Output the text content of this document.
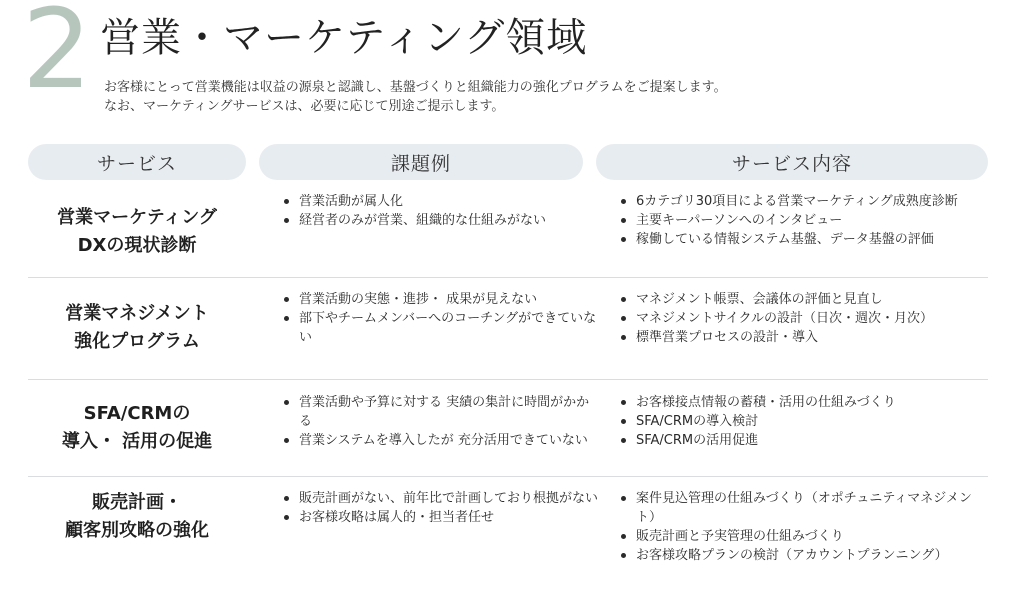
2 営業・マーケティング領域
お客様にとって営業機能は収益の源泉と認識し、基盤づくりと組織能力の強化プログラムをご提案します。
なお、マーケティングサービスは、必要に応じて別途ご提示します。
サービス	課題例	サービス内容
営業マーケティング
DXの現状診断
営業活動が属人化
経営者のみが営業、組織的な仕組みがない
6カテゴリ30項目による営業マーケティング成熟度診断
主要キーパーソンへのインタビュー
稼働している情報システム基盤、データ基盤の評価
営業マネジメント
強化プログラム
営業活動の実態・進捗・ 成果が見えない
部下やチームメンバーへのコーチングができていない
マネジメント帳票、会議体の評価と見直し
マネジメントサイクルの設計（日次・週次・月次）
標準営業プロセスの設計・導入
SFA/CRMの
導入・ 活用の促進
営業活動や予算に対する 実績の集計に時間がかかる
営業システムを導入したが 充分活用できていない
お客様接点情報の蓄積・活用の仕組みづくり
SFA/CRMの導入検討
SFA/CRMの活用促進
販売計画・
顧客別攻略の強化
販売計画がない、前年比で計画しており根拠がない
お客様攻略は属人的・担当者任せ
案件見込管理の仕組みづくり（オポチュニティマネジメント）
販売計画と予実管理の仕組みづくり
お客様攻略プランの検討（アカウントプランニング）
